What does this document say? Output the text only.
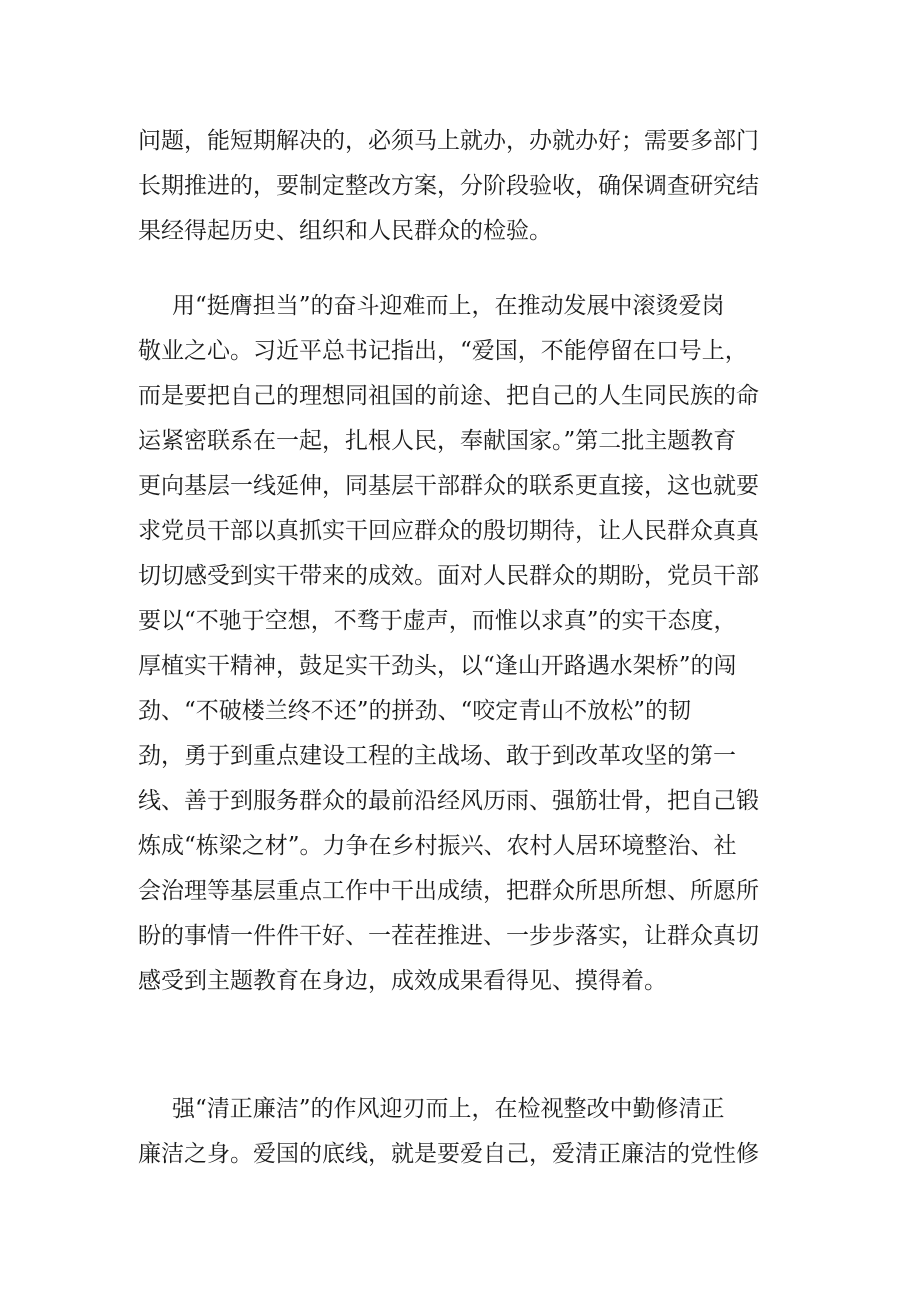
问题，能短期解决的，必须马上就办，办就办好；需要多部门
长期推进的，要制定整改方案，分阶段验收，确保调查研究结
果经得起历史、组织和人民群众的检验。
用“挺膺担当”的奋斗迎难而上，在推动发展中滚烫爱岗
敬业之心。习近平总书记指出，“爱国，不能停留在口号上，
而是要把自己的理想同祖国的前途、把自己的人生同民族的命
运紧密联系在一起，扎根人民，奉献国家。”第二批主题教育
更向基层一线延伸，同基层干部群众的联系更直接，这也就要
求党员干部以真抓实干回应群众的殷切期待，让人民群众真真
切切感受到实干带来的成效。面对人民群众的期盼，党员干部
要以“不驰于空想，不骛于虚声，而惟以求真”的实干态度，
厚植实干精神，鼓足实干劲头，以“逢山开路遇水架桥”的闯
劲、“不破楼兰终不还”的拼劲、“咬定青山不放松”的韧
劲，勇于到重点建设工程的主战场、敢于到改革攻坚的第一
线、善于到服务群众的最前沿经风历雨、强筋壮骨，把自己锻
炼成“栋梁之材”。力争在乡村振兴、农村人居环境整治、社
会治理等基层重点工作中干出成绩，把群众所思所想、所愿所
盼的事情一件件干好、一茬茬推进、一步步落实，让群众真切
感受到主题教育在身边，成效成果看得见、摸得着。
强“清正廉洁”的作风迎刃而上，在检视整改中勤修清正
廉洁之身。爱国的底线，就是要爱自己，爱清正廉洁的党性修
